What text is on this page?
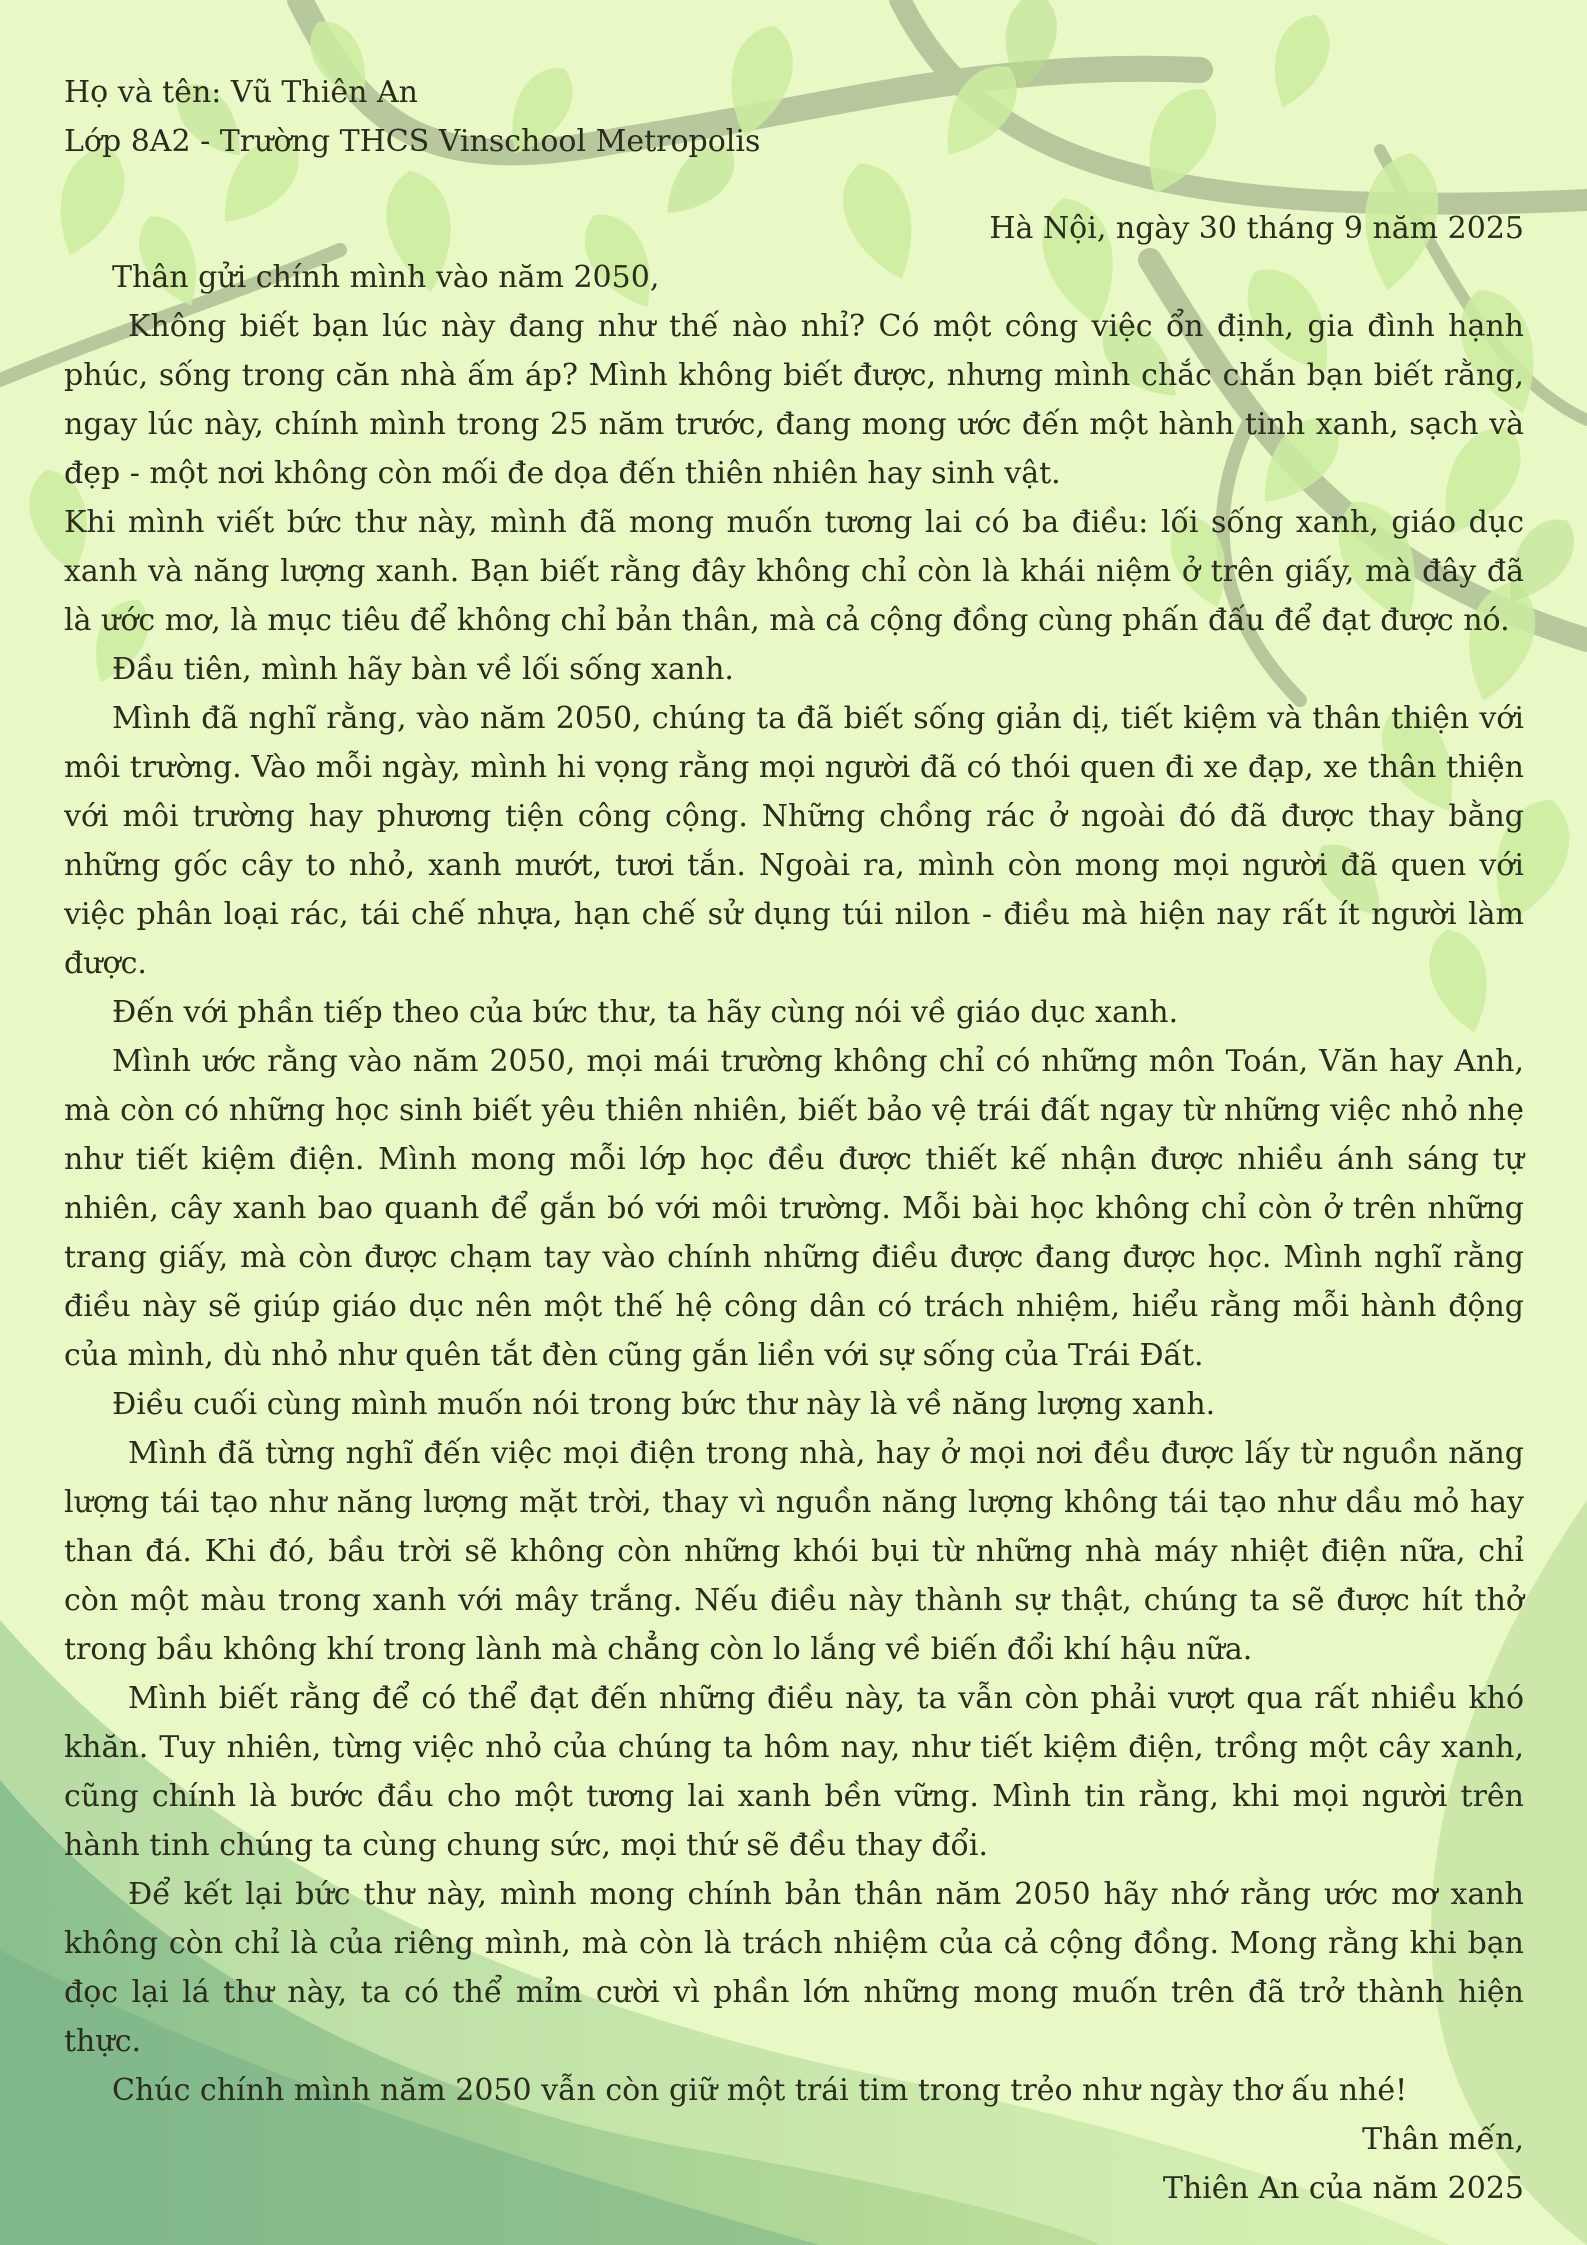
Họ và tên: Vũ Thiên An

Lớp 8A2 - Trường THCS Vinschool Metropolis

Hà Nội, ngày 30 tháng 9 năm 2025

Thân gửi chính mình vào năm 2050,

Không biết bạn lúc này đang như thế nào nhỉ? Có một công việc ổn định, gia đình hạnh phúc, sống trong căn nhà ấm áp? Mình không biết được, nhưng mình chắc chắn bạn biết rằng, ngay lúc này, chính mình trong 25 năm trước, đang mong ước đến một hành tinh xanh, sạch và đẹp - một nơi không còn mối đe dọa đến thiên nhiên hay sinh vật.

Khi mình viết bức thư này, mình đã mong muốn tương lai có ba điều: lối sống xanh, giáo dục xanh và năng lượng xanh. Bạn biết rằng đây không chỉ còn là khái niệm ở trên giấy, mà đây đã là ước mơ, là mục tiêu để không chỉ bản thân, mà cả cộng đồng cùng phấn đấu để đạt được nó.

Đầu tiên, mình hãy bàn về lối sống xanh.

Mình đã nghĩ rằng, vào năm 2050, chúng ta đã biết sống giản dị, tiết kiệm và thân thiện với môi trường. Vào mỗi ngày, mình hi vọng rằng mọi người đã có thói quen đi xe đạp, xe thân thiện với môi trường hay phương tiện công cộng. Những chồng rác ở ngoài đó đã được thay bằng những gốc cây to nhỏ, xanh mướt, tươi tắn. Ngoài ra, mình còn mong mọi người đã quen với việc phân loại rác, tái chế nhựa, hạn chế sử dụng túi nilon - điều mà hiện nay rất ít người làm được.

Đến với phần tiếp theo của bức thư, ta hãy cùng nói về giáo dục xanh.

Mình ước rằng vào năm 2050, mọi mái trường không chỉ có những môn Toán, Văn hay Anh, mà còn có những học sinh biết yêu thiên nhiên, biết bảo vệ trái đất ngay từ những việc nhỏ nhẹ như tiết kiệm điện. Mình mong mỗi lớp học đều được thiết kế nhận được nhiều ánh sáng tự nhiên, cây xanh bao quanh để gắn bó với môi trường. Mỗi bài học không chỉ còn ở trên những trang giấy, mà còn được chạm tay vào chính những điều được đang được học. Mình nghĩ rằng điều này sẽ giúp giáo dục nên một thế hệ công dân có trách nhiệm, hiểu rằng mỗi hành động của mình, dù nhỏ như quên tắt đèn cũng gắn liền với sự sống của Trái Đất.

Điều cuối cùng mình muốn nói trong bức thư này là về năng lượng xanh.

Mình đã từng nghĩ đến việc mọi điện trong nhà, hay ở mọi nơi đều được lấy từ nguồn năng lượng tái tạo như năng lượng mặt trời, thay vì nguồn năng lượng không tái tạo như dầu mỏ hay than đá. Khi đó, bầu trời sẽ không còn những khói bụi từ những nhà máy nhiệt điện nữa, chỉ còn một màu trong xanh với mây trắng. Nếu điều này thành sự thật, chúng ta sẽ được hít thở trong bầu không khí trong lành mà chẳng còn lo lắng về biến đổi khí hậu nữa.

Mình biết rằng để có thể đạt đến những điều này, ta vẫn còn phải vượt qua rất nhiều khó khăn. Tuy nhiên, từng việc nhỏ của chúng ta hôm nay, như tiết kiệm điện, trồng một cây xanh, cũng chính là bước đầu cho một tương lai xanh bền vững. Mình tin rằng, khi mọi người trên hành tinh chúng ta cùng chung sức, mọi thứ sẽ đều thay đổi.

Để kết lại bức thư này, mình mong chính bản thân năm 2050 hãy nhớ rằng ước mơ xanh không còn chỉ là của riêng mình, mà còn là trách nhiệm của cả cộng đồng. Mong rằng khi bạn đọc lại lá thư này, ta có thể mỉm cười vì phần lớn những mong muốn trên đã trở thành hiện thực.

Chúc chính mình năm 2050 vẫn còn giữ một trái tim trong trẻo như ngày thơ ấu nhé!

Thân mến,

Thiên An của năm 2025
